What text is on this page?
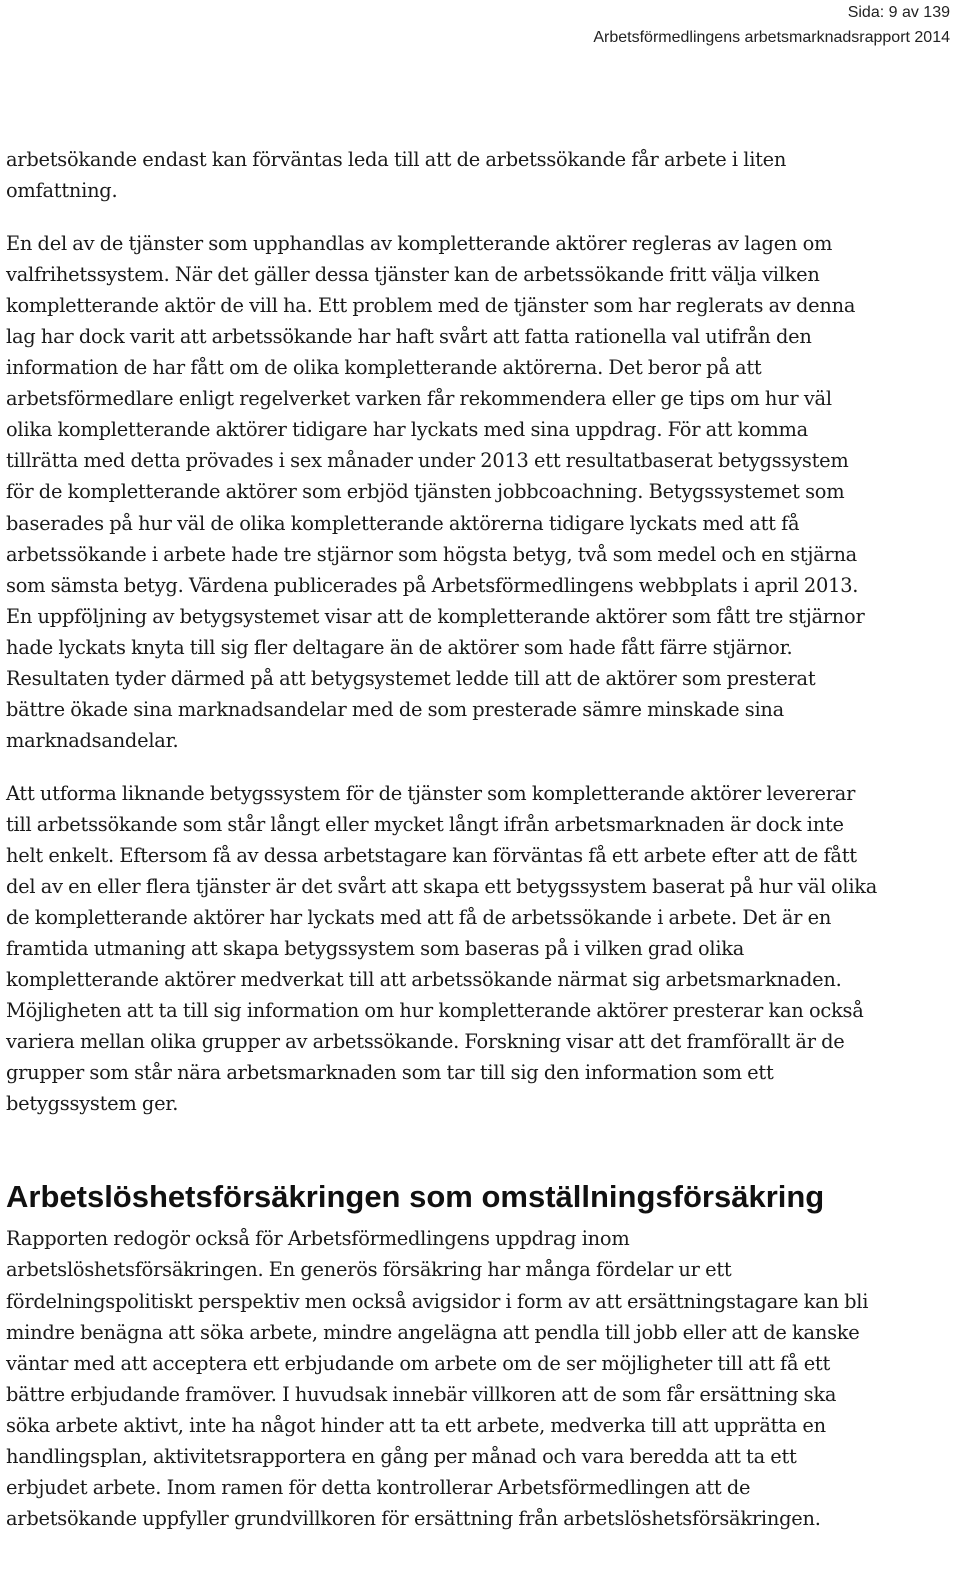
Sida: 9 av 139
Arbetsförmedlingens arbetsmarknadsrapport 2014
arbetsökande endast kan förväntas leda till att de arbetssökande får arbete i liten
omfattning.
En del av de tjänster som upphandlas av kompletterande aktörer regleras av lagen om
valfrihetssystem. När det gäller dessa tjänster kan de arbetssökande fritt välja vilken
kompletterande aktör de vill ha. Ett problem med de tjänster som har reglerats av denna
lag har dock varit att arbetssökande har haft svårt att fatta rationella val utifrån den
information de har fått om de olika kompletterande aktörerna. Det beror på att
arbetsförmedlare enligt regelverket varken får rekommendera eller ge tips om hur väl
olika kompletterande aktörer tidigare har lyckats med sina uppdrag. För att komma
tillrätta med detta prövades i sex månader under 2013 ett resultatbaserat betygssystem
för de kompletterande aktörer som erbjöd tjänsten jobbcoachning. Betygssystemet som
baserades på hur väl de olika kompletterande aktörerna tidigare lyckats med att få
arbetssökande i arbete hade tre stjärnor som högsta betyg, två som medel och en stjärna
som sämsta betyg. Värdena publicerades på Arbetsförmedlingens webbplats i april 2013.
En uppföljning av betygsystemet visar att de kompletterande aktörer som fått tre stjärnor
hade lyckats knyta till sig fler deltagare än de aktörer som hade fått färre stjärnor.
Resultaten tyder därmed på att betygsystemet ledde till att de aktörer som presterat
bättre ökade sina marknadsandelar med de som presterade sämre minskade sina
marknadsandelar.
Att utforma liknande betygssystem för de tjänster som kompletterande aktörer levererar
till arbetssökande som står långt eller mycket långt ifrån arbetsmarknaden är dock inte
helt enkelt. Eftersom få av dessa arbetstagare kan förväntas få ett arbete efter att de fått
del av en eller flera tjänster är det svårt att skapa ett betygssystem baserat på hur väl olika
de kompletterande aktörer har lyckats med att få de arbetssökande i arbete. Det är en
framtida utmaning att skapa betygssystem som baseras på i vilken grad olika
kompletterande aktörer medverkat till att arbetssökande närmat sig arbetsmarknaden.
Möjligheten att ta till sig information om hur kompletterande aktörer presterar kan också
variera mellan olika grupper av arbetssökande. Forskning visar att det framförallt är de
grupper som står nära arbetsmarknaden som tar till sig den information som ett
betygssystem ger.
Arbetslöshetsförsäkringen som omställningsförsäkring
Rapporten redogör också för Arbetsförmedlingens uppdrag inom
arbetslöshetsförsäkringen. En generös försäkring har många fördelar ur ett
fördelningspolitiskt perspektiv men också avigsidor i form av att ersättningstagare kan bli
mindre benägna att söka arbete, mindre angelägna att pendla till jobb eller att de kanske
väntar med att acceptera ett erbjudande om arbete om de ser möjligheter till att få ett
bättre erbjudande framöver. I huvudsak innebär villkoren att de som får ersättning ska
söka arbete aktivt, inte ha något hinder att ta ett arbete, medverka till att upprätta en
handlingsplan, aktivitetsrapportera en gång per månad och vara beredda att ta ett
erbjudet arbete. Inom ramen för detta kontrollerar Arbetsförmedlingen att de
arbetsökande uppfyller grundvillkoren för ersättning från arbetslöshetsförsäkringen.
